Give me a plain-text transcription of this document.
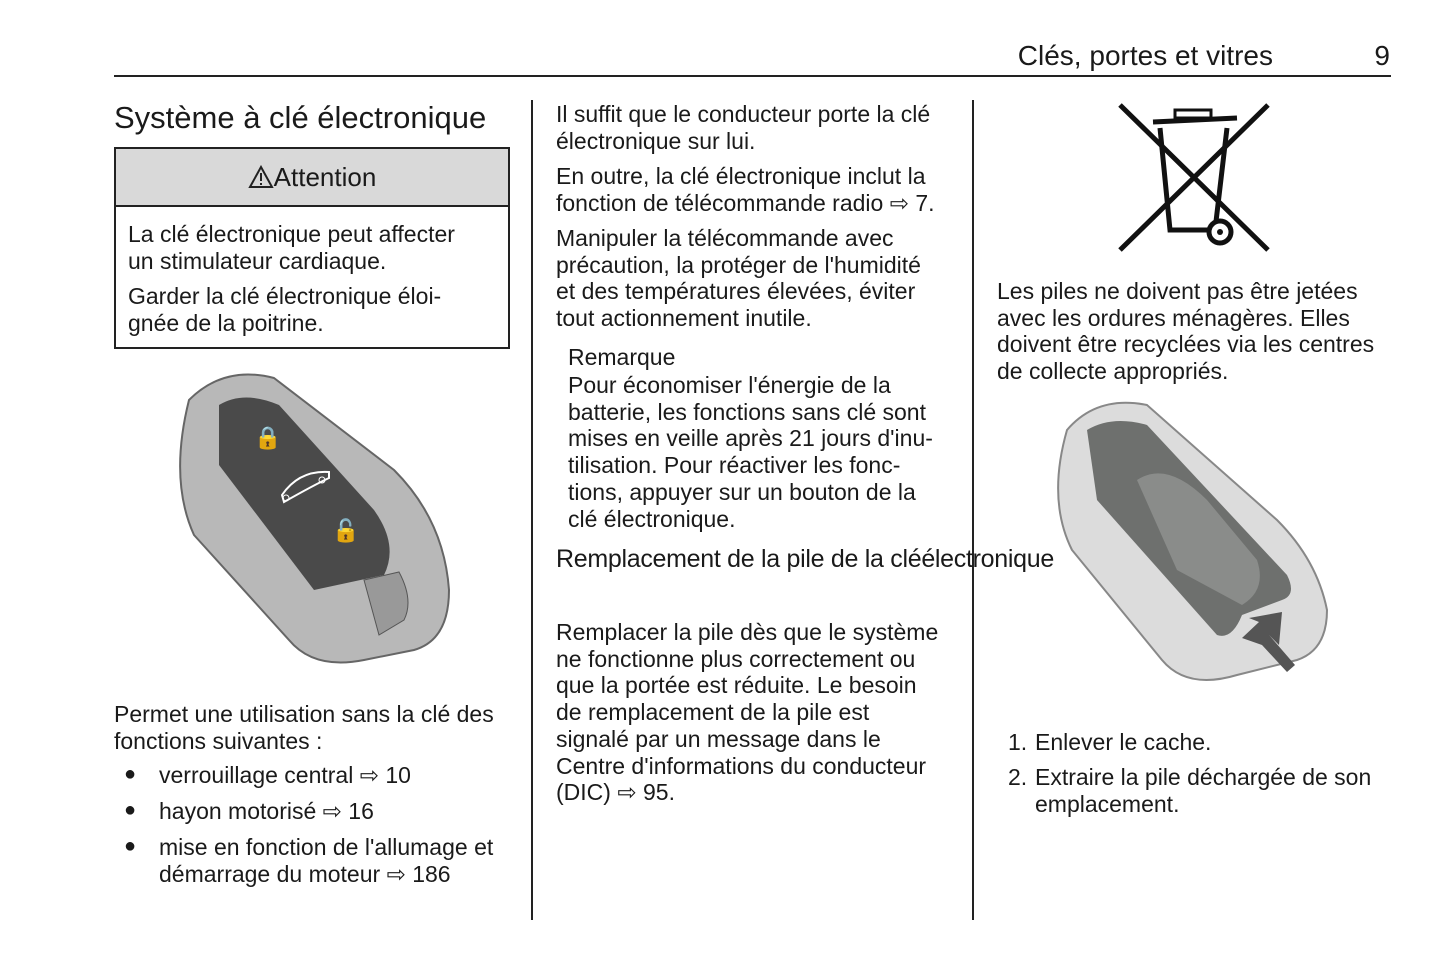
Clés, portes et vitres	9
Système à clé électronique
Attention
La clé électronique peut affecter
un stimulateur cardiaque.
Garder la clé électronique éloi-
gnée de la poitrine.
🔒
🔓
Permet une utilisation sans la clé des
fonctions suivantes :
● verrouillage central ⇨ 10
● hayon motorisé ⇨ 16
● mise en fonction de l'allumage et
démarrage du moteur ⇨ 186
Il suffit que le conducteur porte la clé
électronique sur lui.
En outre, la clé électronique inclut la
fonction de télécommande radio ⇨ 7.
Manipuler la télécommande avec
précaution, la protéger de l'humidité
et des températures élevées, éviter
tout actionnement inutile.
Remarque
Pour économiser l'énergie de la
batterie, les fonctions sans clé sont
mises en veille après 21 jours d'inu-
tilisation. Pour réactiver les fonc-
tions, appuyer sur un bouton de la
clé électronique.
Remplacement de la pile de la cléélectronique
Remplacer la pile dès que le système
ne fonctionne plus correctement ou
que la portée est réduite. Le besoin
de remplacement de la pile est
signalé par un message dans le
Centre d'informations du conducteur
(DIC) ⇨ 95.
Les piles ne doivent pas être jetées
avec les ordures ménagères. Elles
doivent être recyclées via les centres
de collecte appropriés.
1. Enlever le cache.
2. Extraire la pile déchargée de son
emplacement.
